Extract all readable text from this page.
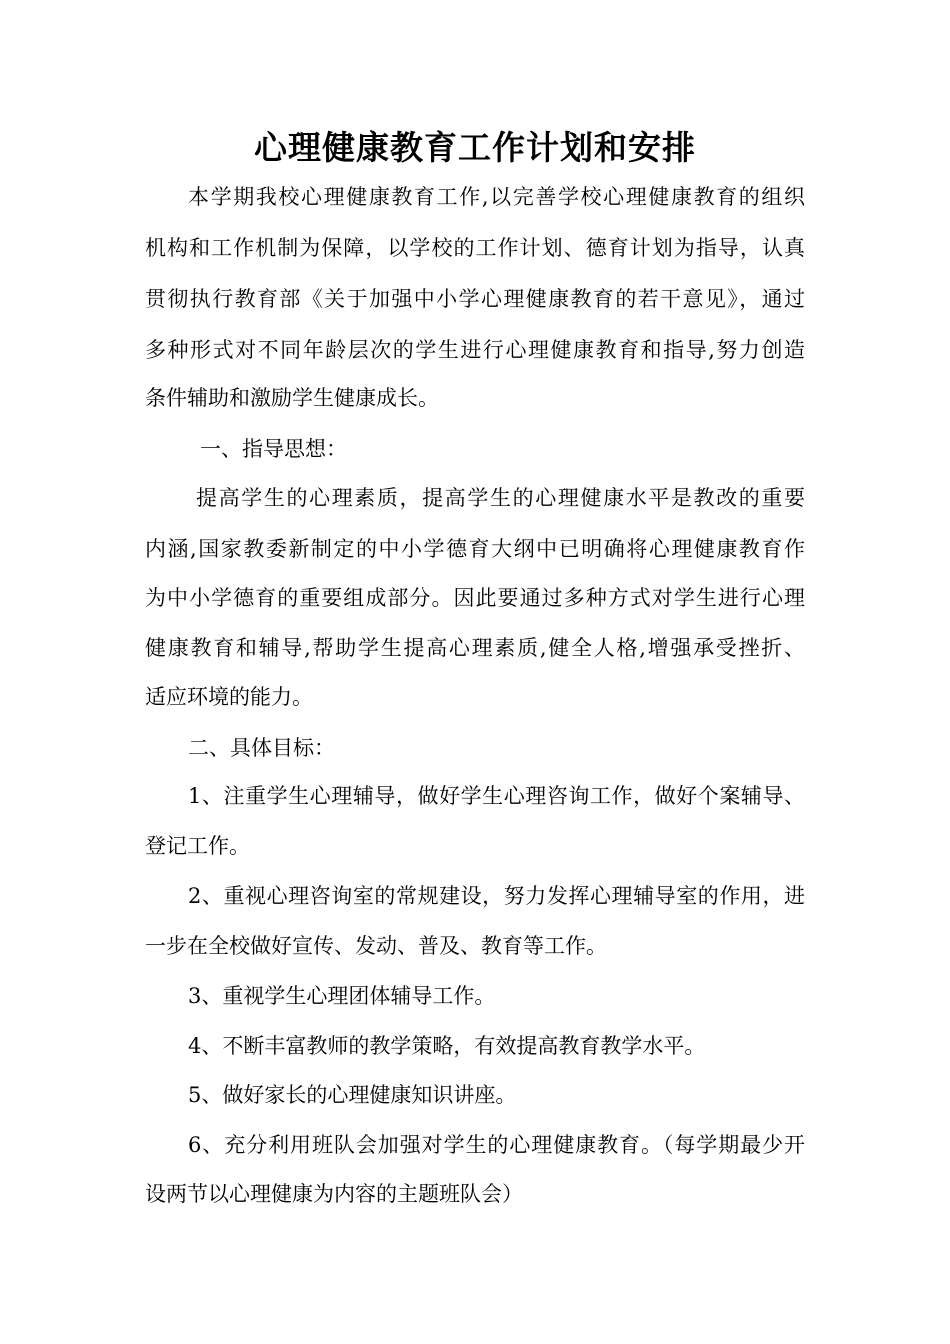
心理健康教育工作计划和安排
本学期我校心理健康教育工作,以完善学校心理健康教育的组织
机构和工作机制为保障，以学校的工作计划、德育计划为指导，认真
贯彻执行教育部《关于加强中小学心理健康教育的若干意见》，通过
多种形式对不同年龄层次的学生进行心理健康教育和指导,努力创造
条件辅助和激励学生健康成长。
一、指导思想：
提高学生的心理素质，提高学生的心理健康水平是教改的重要
内涵,国家教委新制定的中小学德育大纲中已明确将心理健康教育作
为中小学德育的重要组成部分。因此要通过多种方式对学生进行心理
健康教育和辅导,帮助学生提高心理素质,健全人格,增强承受挫折、
适应环境的能力。
二、具体目标：
1、注重学生心理辅导，做好学生心理咨询工作，做好个案辅导、
登记工作。
2、重视心理咨询室的常规建设，努力发挥心理辅导室的作用，进
一步在全校做好宣传、发动、普及、教育等工作。
3、重视学生心理团体辅导工作。
4、不断丰富教师的教学策略，有效提高教育教学水平。
5、做好家长的心理健康知识讲座。
6、充分利用班队会加强对学生的心理健康教育。（每学期最少开
设两节以心理健康为内容的主题班队会）
